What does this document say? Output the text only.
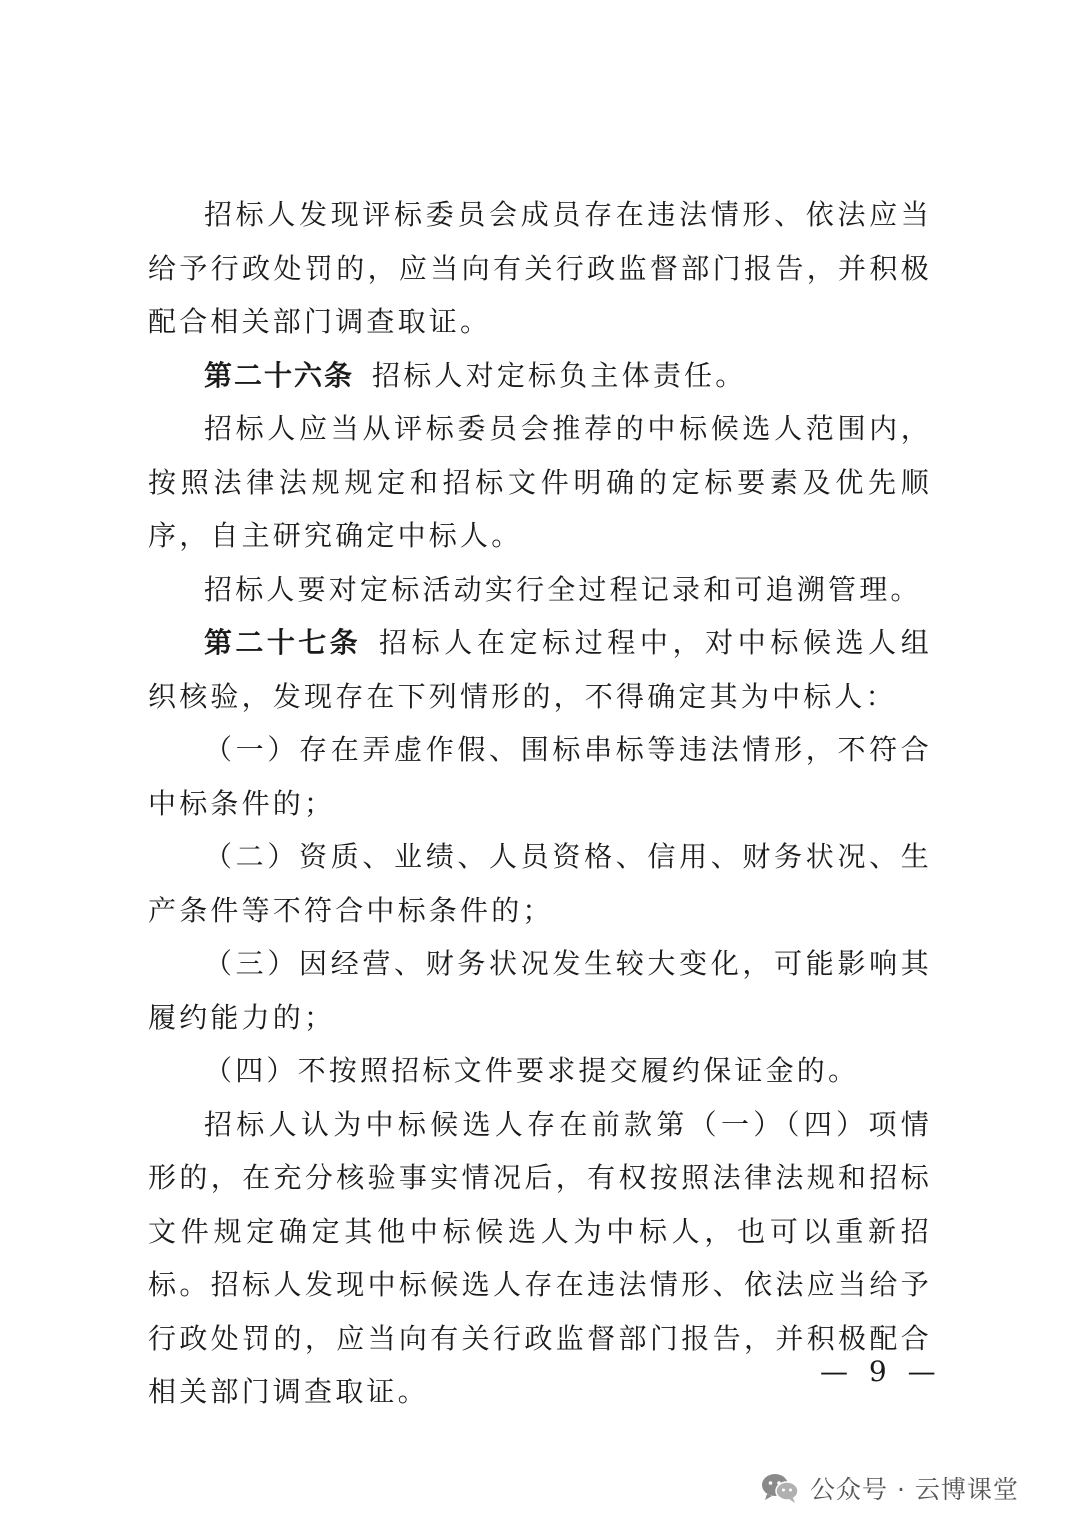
招标人发现评标委员会成员存在违法情形、依法应当给予行政处罚的，应当向有关行政监督部门报告，并积极配合相关部门调查取证。

第二十六条 招标人对定标负主体责任。

招标人应当从评标委员会推荐的中标候选人范围内，按照法律法规规定和招标文件明确的定标要素及优先顺序，自主研究确定中标人。

招标人要对定标活动实行全过程记录和可追溯管理。

第二十七条 招标人在定标过程中，对中标候选人组织核验，发现存在下列情形的，不得确定其为中标人：

（一）存在弄虚作假、围标串标等违法情形，不符合中标条件的；

（二）资质、业绩、人员资格、信用、财务状况、生产条件等不符合中标条件的；

（三）因经营、财务状况发生较大变化，可能影响其履约能力的；

（四）不按照招标文件要求提交履约保证金的。

招标人认为中标候选人存在前款第（一）（四）项情形的，在充分核验事实情况后，有权按照法律法规和招标文件规定确定其他中标候选人为中标人，也可以重新招标。招标人发现中标候选人存在违法情形、依法应当给予行政处罚的，应当向有关行政监督部门报告，并积极配合相关部门调查取证。

— 9 —
公众号 · 云博课堂
